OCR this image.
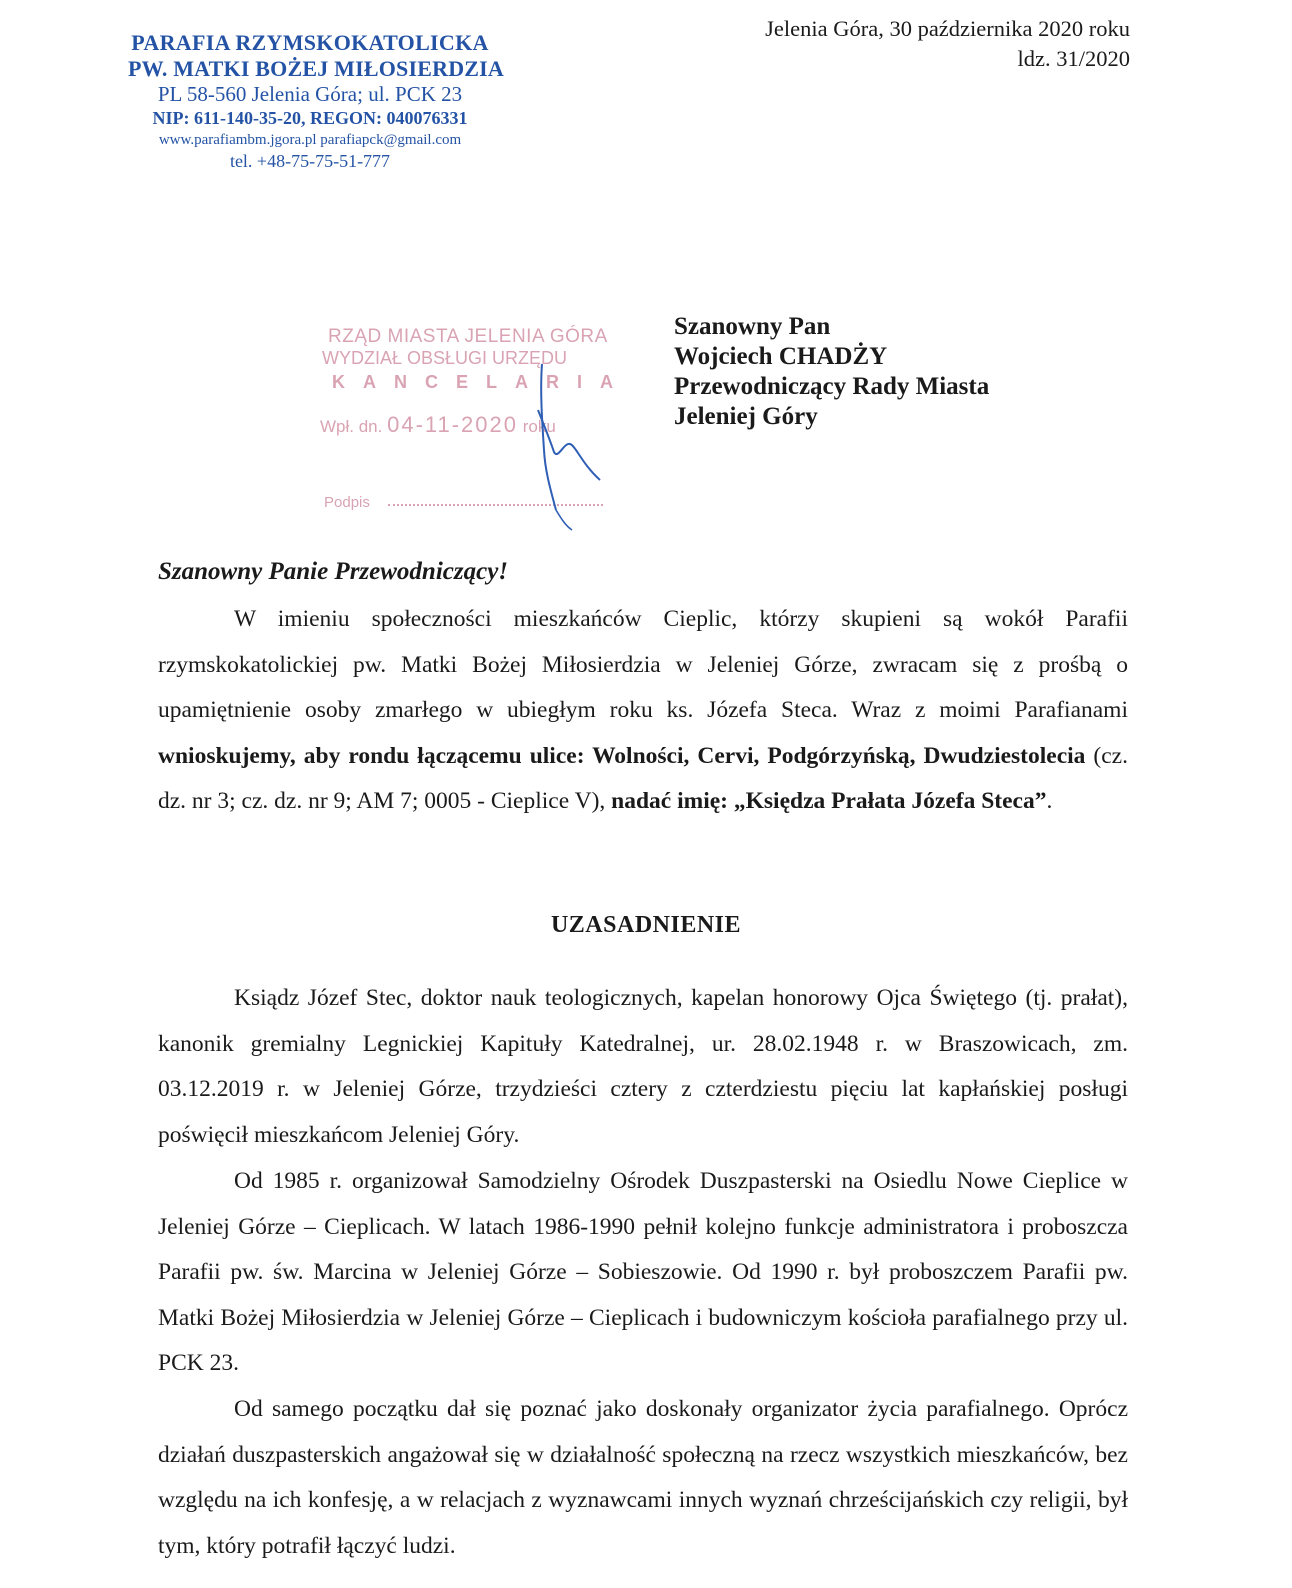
PARAFIA RZYMSKOKATOLICKA
PW. MATKI BOŻEJ MIŁOSIERDZIA
PL 58-560 Jelenia Góra; ul. PCK 23
NIP: 611-140-35-20, REGON: 040076331
www.parafiambm.jgora.pl parafiapck@gmail.com
tel. +48-75-75-51-777
Jelenia Góra, 30 października 2020 roku
ldz. 31/2020
RZĄD MIASTA JELENIA GÓRA
WYDZIAŁ OBSŁUGI URZĘDU
KANCELARIA
Wpł. dn. 04-11-2020 roku
Podpis
Szanowny Pan
Wojciech CHADŻY
Przewodniczący Rady Miasta
Jeleniej Góry
Szanowny Panie Przewodniczący!

W imieniu społeczności mieszkańców Cieplic, którzy skupieni są wokół Parafii rzymskokatolickiej pw. Matki Bożej Miłosierdzia w Jeleniej Górze, zwracam się z prośbą o upamiętnienie osoby zmarłego w ubiegłym roku ks. Józefa Steca. Wraz z moimi Parafianami wnioskujemy, aby rondu łączącemu ulice: Wolności, Cervi, Podgórzyńską, Dwudziestolecia (cz. dz. nr 3; cz. dz. nr 9; AM 7; 0005 - Cieplice V), nadać imię: „Księdza Prałata Józefa Steca”.

UZASADNIENIE

Ksiądz Józef Stec, doktor nauk teologicznych, kapelan honorowy Ojca Świętego (tj. prałat), kanonik gremialny Legnickiej Kapituły Katedralnej, ur. 28.02.1948 r. w Braszowicach, zm. 03.12.2019 r. w Jeleniej Górze, trzydzieści cztery z czterdziestu pięciu lat kapłańskiej posługi poświęcił mieszkańcom Jeleniej Góry.

Od 1985 r. organizował Samodzielny Ośrodek Duszpasterski na Osiedlu Nowe Cieplice w Jeleniej Górze – Cieplicach. W latach 1986-1990 pełnił kolejno funkcje administratora i proboszcza Parafii pw. św. Marcina w Jeleniej Górze – Sobieszowie. Od 1990 r. był proboszczem Parafii pw. Matki Bożej Miłosierdzia w Jeleniej Górze – Cieplicach i budowniczym kościoła parafialnego przy ul. PCK 23.

Od samego początku dał się poznać jako doskonały organizator życia parafialnego. Oprócz działań duszpasterskich angażował się w działalność społeczną na rzecz wszystkich mieszkańców, bez względu na ich konfesję, a w relacjach z wyznawcami innych wyznań chrześcijańskich czy religii, był tym, który potrafił łączyć ludzi.
